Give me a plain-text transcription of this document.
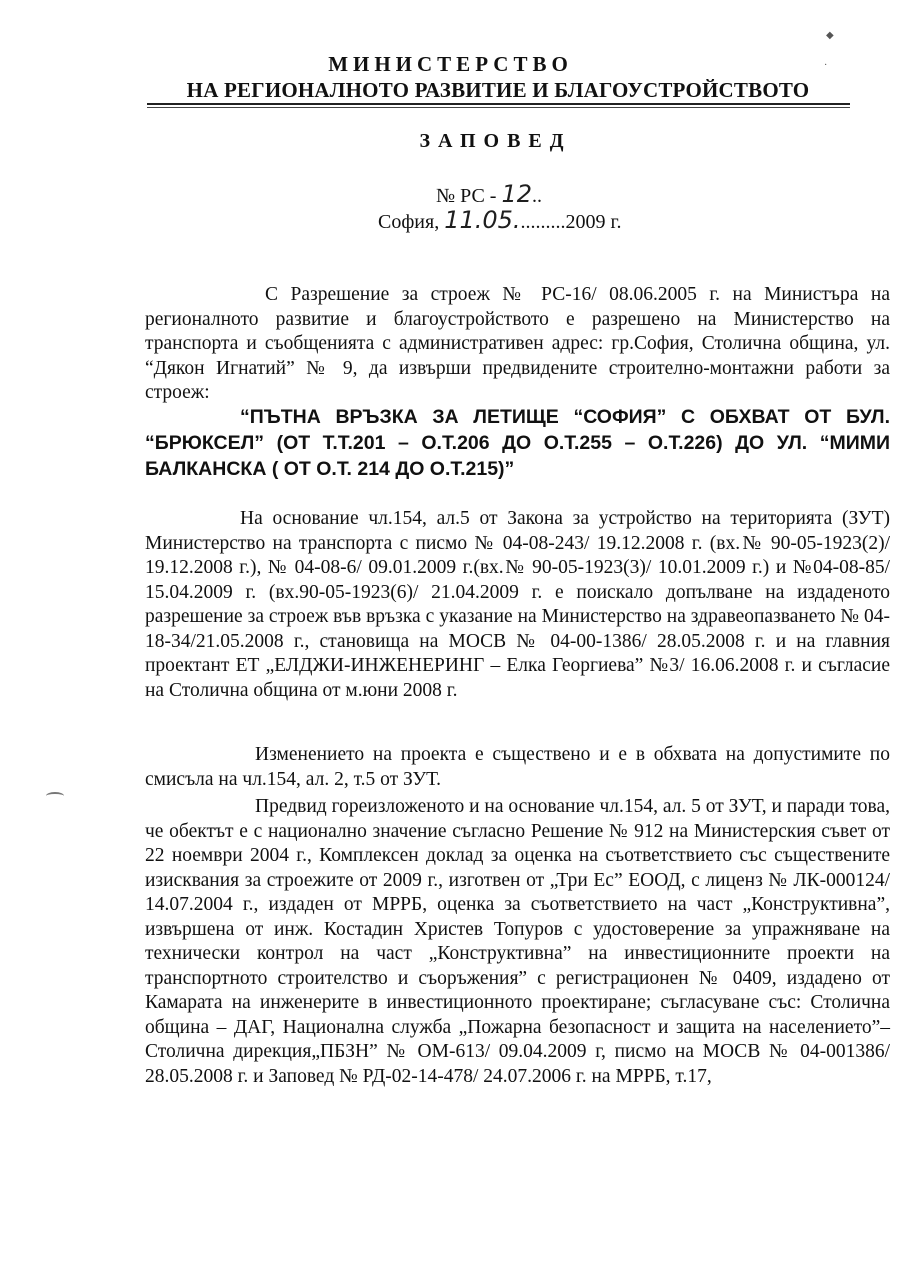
◆
·
МИНИСТЕРСТВО
НА РЕГИОНАЛНОТО РАЗВИТИЕ И БЛАГОУСТРОЙСТВОТО
ЗАПОВЕД
№ РС - 12..
София, 11.05..........2009 г.
С Разрешение за строеж № РС-16/ 08.06.2005 г. на Министъра на регионалното развитие и благоустройството е разрешено на Министерство на транспорта и съобщенията с административен адрес: гр.София, Столична община, ул. “Дякон Игнатий” № 9, да извърши предвидените строително-монтажни работи за строеж:
“ПЪТНА ВРЪЗКА ЗА ЛЕТИЩЕ “СОФИЯ” С ОБХВАТ ОТ БУЛ. “БРЮКСЕЛ” (ОТ Т.Т.201 – О.Т.206 ДО О.Т.255 – О.Т.226) ДО УЛ. “МИМИ БАЛКАНСКА ( ОТ О.Т. 214 ДО О.Т.215)”
На основание чл.154, ал.5 от Закона за устройство на територията (ЗУТ) Министерство на транспорта с писмо № 04-08-243/ 19.12.2008 г. (вх.№ 90-05-1923(2)/ 19.12.2008 г.), № 04-08-6/ 09.01.2009 г.(вх.№ 90-05-1923(3)/ 10.01.2009 г.) и №04-08-85/ 15.04.2009 г. (вх.90-05-1923(6)/ 21.04.2009 г. е поискало допълване на издаденото разрешение за строеж във връзка с указание на Министерство на здравеопазването № 04-18-34/21.05.2008 г., становища на МОСВ № 04-00-1386/ 28.05.2008 г. и на главния проектант ЕТ „ЕЛДЖИ-ИНЖЕНЕРИНГ – Елка Георгиева” №3/ 16.06.2008 г. и съгласие на Столична община от м.юни 2008 г.
Изменението на проекта е съществено и е в обхвата на допустимите по смисъла на чл.154, ал. 2, т.5 от ЗУТ.
Предвид гореизложеното и на основание чл.154, ал. 5 от ЗУТ, и паради това, че обектът е с национално значение съгласно Решение № 912 на Министерския съвет от 22 ноември 2004 г., Комплексен доклад за оценка на съответствието със съществените изисквания за строежите от 2009 г., изготвен от „Три Ес” ЕООД, с лиценз № ЛК-000124/ 14.07.2004 г., издаден от МРРБ, оценка за съответствието на част „Конструктивна”, извършена от инж. Костадин Христев Топуров с удостоверение за упражняване на технически контрол на част „Конструктивна” на инвестиционните проекти на транспортното строителство и съоръжения” с регистрационен № 0409, издадено от Камарата на инженерите в инвестиционното проектиране; съгласуване със: Столична община – ДАГ, Национална служба „Пожарна безопасност и защита на населението”–Столична дирекция„ПБЗН” № ОМ-613/ 09.04.2009 г, писмо на МОСВ № 04-001386/ 28.05.2008 г. и Заповед № РД-02-14-478/ 24.07.2006 г. на МРРБ, т.17,
